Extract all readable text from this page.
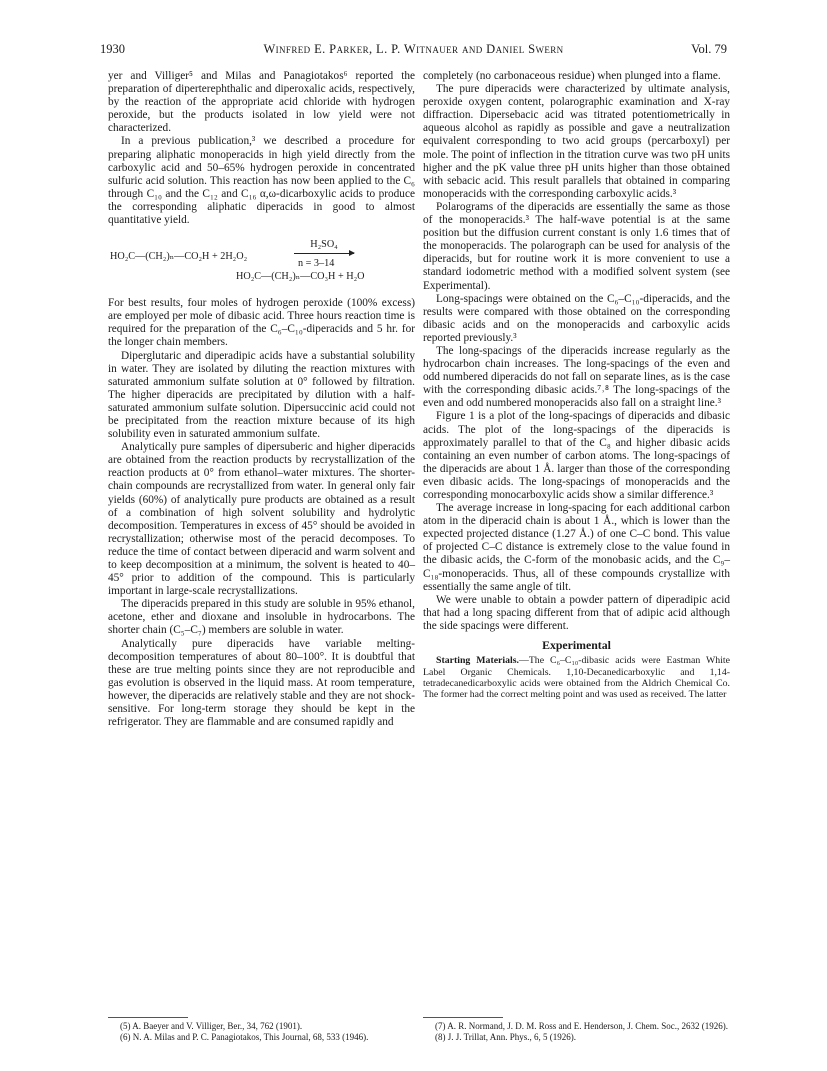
1930	Winfred E. Parker, L. P. Witnauer and Daniel Swern	Vol. 79

yer and Villiger⁵ and Milas and Panagiotakos⁶ reported the preparation of diperterephthalic and diperoxalic acids, respectively, by the reaction of the appropriate acid chloride with hydrogen peroxide, but the products isolated in low yield were not characterized.

In a previous publication,³ we described a procedure for preparing aliphatic monoperacids in high yield directly from the carboxylic acid and 50–65% hydrogen peroxide in concentrated sulfuric acid solution. This reaction has now been applied to the C₆ through C₁₀ and the C₁₂ and C₁₆ α,ω-dicarboxylic acids to produce the corresponding aliphatic diperacids in good to almost quantitative yield.

H₂SO₄
HO₂C—(CH₂)ₙ—CO₂H + 2H₂O₂
n = 3–14
HO₂C—(CH₂)ₙ—CO₃H + H₂O

For best results, four moles of hydrogen peroxide (100% excess) are employed per mole of dibasic acid. Three hours reaction time is required for the preparation of the C₆–C₁₀-diperacids and 5 hr. for the longer chain members.

Diperglutaric and diperadipic acids have a substantial solubility in water. They are isolated by diluting the reaction mixtures with saturated ammonium sulfate solution at 0° followed by filtration. The higher diperacids are precipitated by dilution with a half-saturated ammonium sulfate solution. Dipersuccinic acid could not be precipitated from the reaction mixture because of its high solubility even in saturated ammonium sulfate.

Analytically pure samples of dipersuberic and higher diperacids are obtained from the reaction products by recrystallization of the reaction products at 0° from ethanol–water mixtures. The shorter-chain compounds are recrystallized from water. In general only fair yields (60%) of analytically pure products are obtained as a result of a combination of high solvent solubility and hydrolytic decomposition. Temperatures in excess of 45° should be avoided in recrystallization; otherwise most of the peracid decomposes. To reduce the time of contact between diperacid and warm solvent and to keep decomposition at a minimum, the solvent is heated to 40–45° prior to addition of the compound. This is particularly important in large-scale recrystallizations.

The diperacids prepared in this study are soluble in 95% ethanol, acetone, ether and dioxane and insoluble in hydrocarbons. The shorter chain (C₅–C₇) members are soluble in water.

Analytically pure diperacids have variable melting-decomposition temperatures of about 80–100°. It is doubtful that these are true melting points since they are not reproducible and gas evolution is observed in the liquid mass. At room temperature, however, the diperacids are relatively stable and they are not shock-sensitive. For long-term storage they should be kept in the refrigerator. They are flammable and are consumed rapidly and

completely (no carbonaceous residue) when plunged into a flame.

The pure diperacids were characterized by ultimate analysis, peroxide oxygen content, polarographic examination and X-ray diffraction. Dipersebacic acid was titrated potentiometrically in aqueous alcohol as rapidly as possible and gave a neutralization equivalent corresponding to two acid groups (percarboxyl) per mole. The point of inflection in the titration curve was two pH units higher and the pK value three pH units higher than those obtained with sebacic acid. This result parallels that obtained in comparing monoperacids with the corresponding carboxylic acids.³

Polarograms of the diperacids are essentially the same as those of the monoperacids.³ The half-wave potential is at the same position but the diffusion current constant is only 1.6 times that of the monoperacids. The polarograph can be used for analysis of the diperacids, but for routine work it is more convenient to use a standard iodometric method with a modified solvent system (see Experimental).

Long-spacings were obtained on the C₆–C₁₀-diperacids, and the results were compared with those obtained on the corresponding dibasic acids and on the monoperacids and carboxylic acids reported previously.³

The long-spacings of the diperacids increase regularly as the hydrocarbon chain increases. The long-spacings of the even and odd numbered diperacids do not fall on separate lines, as is the case with the corresponding dibasic acids.⁷˒⁸ The long-spacings of the even and odd numbered monoperacids also fall on a straight line.³

Figure 1 is a plot of the long-spacings of diperacids and dibasic acids. The plot of the long-spacings of the diperacids is approximately parallel to that of the C₈ and higher dibasic acids containing an even number of carbon atoms. The long-spacings of the diperacids are about 1 Å. larger than those of the corresponding even dibasic acids. The long-spacings of monoperacids and the corresponding monocarboxylic acids show a similar difference.³

The average increase in long-spacing for each additional carbon atom in the diperacid chain is about 1 Å., which is lower than the expected projected distance (1.27 Å.) of one C–C bond. This value of projected C–C distance is extremely close to the value found in the dibasic acids, the C-form of the monobasic acids, and the C₉–C₁₈-monoperacids. Thus, all of these compounds crystallize with essentially the same angle of tilt.

We were unable to obtain a powder pattern of diperadipic acid that had a long spacing different from that of adipic acid although the side spacings were different.

Experimental

Starting Materials.—The C₆–C₁₀-dibasic acids were Eastman White Label Organic Chemicals. 1,10-Decanedicarboxylic and 1,14-tetradecanedicarboxylic acids were obtained from the Aldrich Chemical Co. The former had the correct melting point and was used as received. The latter

(5) A. Baeyer and V. Villiger, Ber., 34, 762 (1901).
(6) N. A. Milas and P. C. Panagiotakos, This Journal, 68, 533 (1946).
(7) A. R. Normand, J. D. M. Ross and E. Henderson, J. Chem. Soc., 2632 (1926).
(8) J. J. Trillat, Ann. Phys., 6, 5 (1926).
